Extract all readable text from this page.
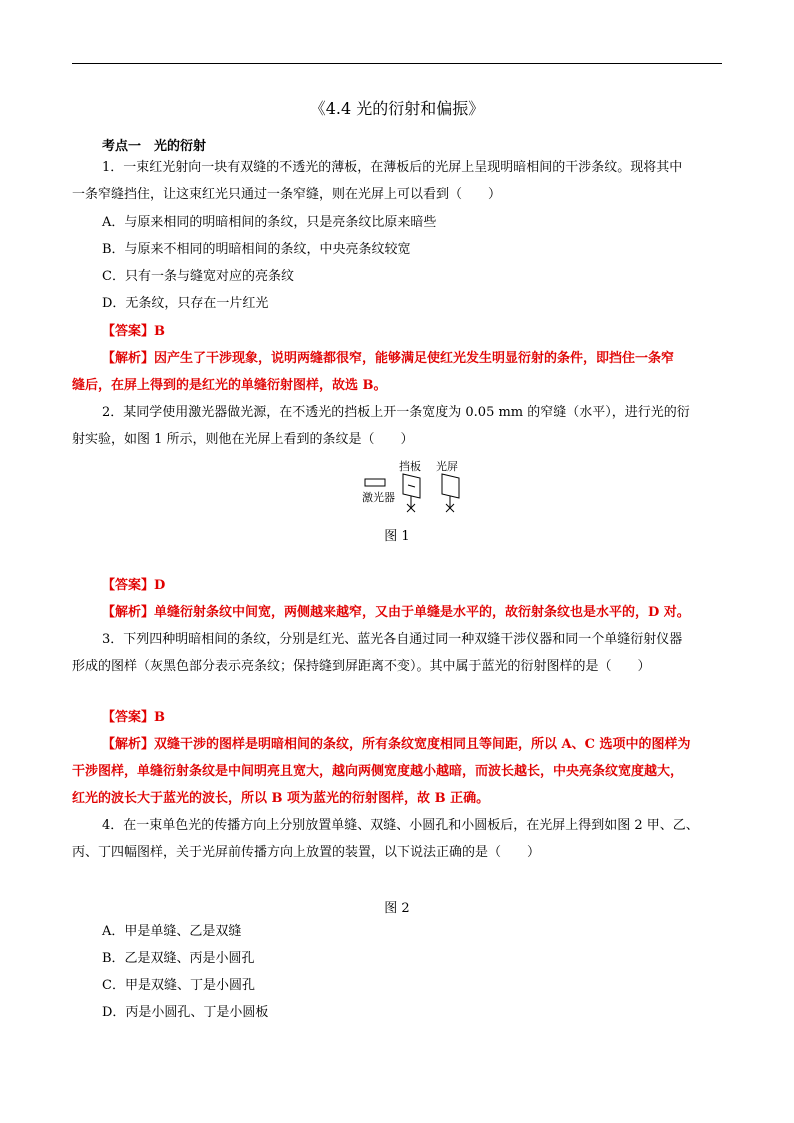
《4.4 光的衍射和偏振》
考点一　光的衍射
1．一束红光射向一块有双缝的不透光的薄板，在薄板后的光屏上呈现明暗相间的干涉条纹。现将其中
一条窄缝挡住，让这束红光只通过一条窄缝，则在光屏上可以看到（　　）
A．与原来相同的明暗相间的条纹，只是亮条纹比原来暗些
B．与原来不相同的明暗相间的条纹，中央亮条纹较宽
C．只有一条与缝宽对应的亮条纹
D．无条纹，只存在一片红光
【答案】B
【解析】因产生了干涉现象，说明两缝都很窄，能够满足使红光发生明显衍射的条件，即挡住一条窄
缝后，在屏上得到的是红光的单缝衍射图样，故选 B。
2．某同学使用激光器做光源，在不透光的挡板上开一条宽度为 0.05 mm 的窄缝（水平），进行光的衍
射实验，如图 1 所示，则他在光屏上看到的条纹是（　　）
挡板 光屏
激光器
图 1
【答案】D
【解析】单缝衍射条纹中间宽，两侧越来越窄，又由于单缝是水平的，故衍射条纹也是水平的，D 对。
3．下列四种明暗相间的条纹，分别是红光、蓝光各自通过同一种双缝干涉仪器和同一个单缝衍射仪器
形成的图样（灰黑色部分表示亮条纹；保持缝到屏距离不变）。其中属于蓝光的衍射图样的是（　　）
【答案】B
【解析】双缝干涉的图样是明暗相间的条纹，所有条纹宽度相同且等间距，所以 A、C 选项中的图样为
干涉图样，单缝衍射条纹是中间明亮且宽大，越向两侧宽度越小越暗，而波长越长，中央亮条纹宽度越大，
红光的波长大于蓝光的波长，所以 B 项为蓝光的衍射图样，故 B 正确。
4．在一束单色光的传播方向上分别放置单缝、双缝、小圆孔和小圆板后，在光屏上得到如图 2 甲、乙、
丙、丁四幅图样，关于光屏前传播方向上放置的装置，以下说法正确的是（　　）
图 2
A．甲是单缝、乙是双缝
B．乙是双缝、丙是小圆孔
C．甲是双缝、丁是小圆孔
D．丙是小圆孔、丁是小圆板
